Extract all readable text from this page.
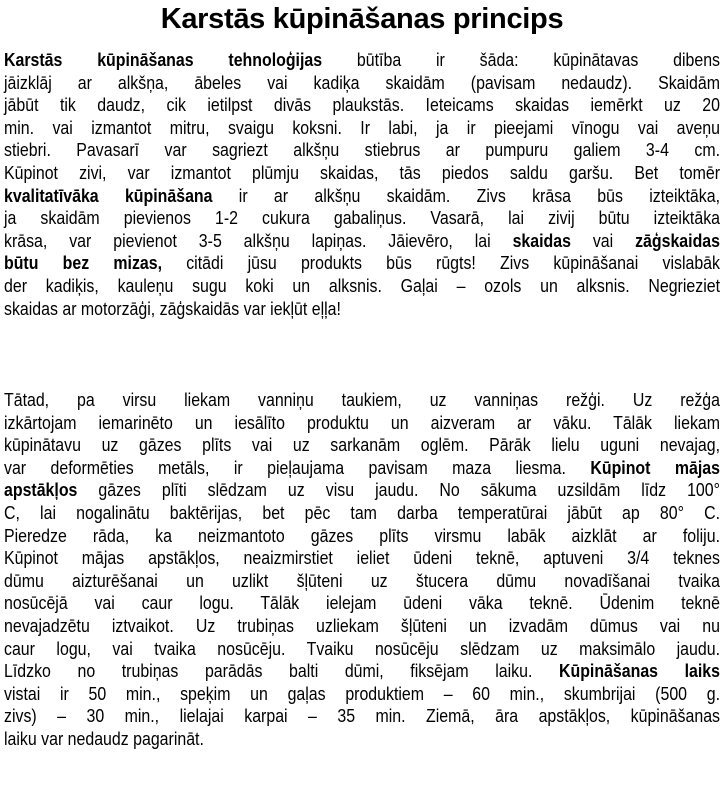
Karstās kūpināšanas princips
Karstās kūpināšanas tehnoloģijas būtība ir šāda: kūpinātavas dibens
jāizklāj ar alkšņa, ābeles vai kadiķa skaidām (pavisam nedaudz). Skaidām
jābūt tik daudz, cik ietilpst divās plaukstās. Ieteicams skaidas iemērkt uz 20
min. vai izmantot mitru, svaigu koksni. Ir labi, ja ir pieejami vīnogu vai aveņu
stiebri. Pavasarī var sagriezt alkšņu stiebrus ar pumpuru galiem 3-4 cm.
Kūpinot zivi, var izmantot plūmju skaidas, tās piedos saldu garšu. Bet tomēr
kvalitatīvāka kūpināšana ir ar alkšņu skaidām. Zivs krāsa būs izteiktāka,
ja skaidām pievienos 1-2 cukura gabaliņus. Vasarā, lai zivij būtu izteiktāka
krāsa, var pievienot 3-5 alkšņu lapiņas. Jāievēro, lai skaidas vai zāģskaidas
būtu bez mizas, citādi jūsu produkts būs rūgts! Zivs kūpināšanai vislabāk
der kadiķis, kauleņu sugu koki un alksnis. Gaļai – ozols un alksnis. Negrieziet
skaidas ar motorzāģi, zāģskaidās var iekļūt eļļa!
Tātad, pa virsu liekam vanniņu taukiem, uz vanniņas režģi. Uz režģa
izkārtojam iemarinēto un iesālīto produktu un aizveram ar vāku. Tālāk liekam
kūpinātavu uz gāzes plīts vai uz sarkanām oglēm. Pārāk lielu uguni nevajag,
var deformēties metāls, ir pieļaujama pavisam maza liesma. Kūpinot mājas
apstākļos gāzes plīti slēdzam uz visu jaudu. No sākuma uzsildām līdz 100°
C, lai nogalinātu baktērijas, bet pēc tam darba temperatūrai jābūt ap 80° C.
Pieredze rāda, ka neizmantoto gāzes plīts virsmu labāk aizklāt ar foliju.
Kūpinot mājas apstākļos, neaizmirstiet ieliet ūdeni teknē, aptuveni 3/4 teknes
dūmu aizturēšanai un uzlikt šļūteni uz štucera dūmu novadīšanai tvaika
nosūcējā vai caur logu. Tālāk ielejam ūdeni vāka teknē. Ūdenim teknē
nevajadzētu iztvaikot. Uz trubiņas uzliekam šļūteni un izvadām dūmus vai nu
caur logu, vai tvaika nosūcēju. Tvaiku nosūcēju slēdzam uz maksimālo jaudu.
Līdzko no trubiņas parādās balti dūmi, fiksējam laiku. Kūpināšanas laiks
vistai ir 50 min., speķim un gaļas produktiem – 60 min., skumbrijai (500 g.
zivs) – 30 min., lielajai karpai – 35 min. Ziemā, āra apstākļos, kūpināšanas
laiku var nedaudz pagarināt.
